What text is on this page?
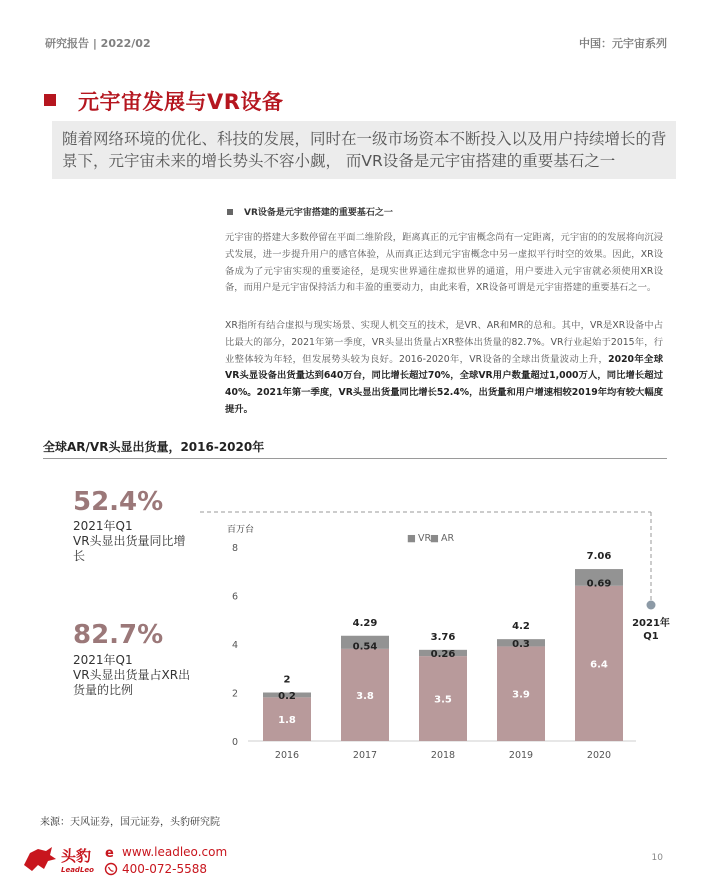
研究报告 | 2022/02	中国：元宇宙系列
元宇宙发展与VR设备
随着网络环境的优化、科技的发展，同时在一级市场资本不断投入以及用户持续增长的背景下，元宇宙未来的增长势头不容小觑， 而VR设备是元宇宙搭建的重要基石之一
VR设备是元宇宙搭建的重要基石之一
元宇宙的搭建大多数停留在平面二维阶段，距离真正的元宇宙概念尚有一定距离，元宇宙的的发展将向沉浸式发展，进一步提升用户的感官体验，从而真正达到元宇宙概念中另一虚拟平行时空的效果。因此，XR设备成为了元宇宙实现的重要途径，是现实世界通往虚拟世界的通道，用户要进入元宇宙就必须使用XR设备，而用户是元宇宙保持活力和丰盈的重要动力，由此来看，XR设备可谓是元宇宙搭建的重要基石之一。
XR指所有结合虚拟与现实场景、实现人机交互的技术，是VR、AR和MR的总和。其中，VR是XR设备中占比最大的部分，2021年第一季度，VR头显出货量占XR整体出货量的82.7%。VR行业起始于2015年，行业整体较为年轻，但发展势头较为良好。2016-2020年，VR设备的全球出货量波动上升，2020年全球VR头显设备出货量达到640万台，同比增长超过70%，全球VR用户数量超过1,000万人，同比增长超过40%。2021年第一季度，VR头显出货量同比增长52.4%，出货量和用户增速相较2019年均有较大幅度提升。
全球AR/VR头显出货量，2016-2020年
52.4%
2021年Q1
VR头显出货量同比增长
82.7%
2021年Q1
VR头显出货量占XR出货量的比例
2021年
Q1
百万台
■ VR
■ AR
0
2
4
6
8
1.8
0.2
2
2016
3.8
0.54
4.29
2017
3.5
0.26
3.76
2018
3.9
0.3
4.2
2019
6.4
0.69
7.06
2020
来源：天风证券，国元证券，头豹研究院
头豹
LeadLeo
e www.leadleo.com
400-072-5588
10
